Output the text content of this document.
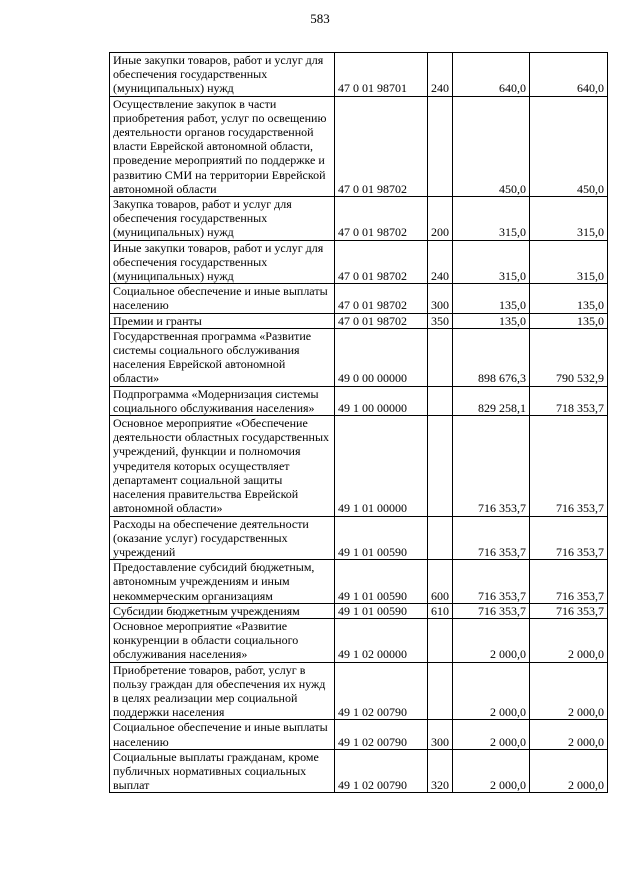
583
Иные закупки товаров, работ и услуг для обеспечения государственных (муниципальных) нужд	47 0 01 98701	240	640,0	640,0
Осуществление закупок в части приобретения работ, услуг по освещению деятельности органов государственной власти Еврейской автономной области, проведение мероприятий по поддержке и развитию СМИ на территории Еврейской автономной области	47 0 01 98702		450,0	450,0
Закупка товаров, работ и услуг для обеспечения государственных (муниципальных) нужд	47 0 01 98702	200	315,0	315,0
Иные закупки товаров, работ и услуг для обеспечения государственных (муниципальных) нужд	47 0 01 98702	240	315,0	315,0
Социальное обеспечение и иные выплаты населению	47 0 01 98702	300	135,0	135,0
Премии и гранты	47 0 01 98702	350	135,0	135,0
Государственная программа «Развитие системы социального обслуживания населения Еврейской автономной области»	49 0 00 00000		898 676,3	790 532,9
Подпрограмма «Модернизация системы социального обслуживания населения»	49 1 00 00000		829 258,1	718 353,7
Основное мероприятие «Обеспечение деятельности областных государственных учреждений, функции и полномочия учредителя которых осуществляет департамент социальной защиты населения правительства Еврейской автономной области»	49 1 01 00000		716 353,7	716 353,7
Расходы на обеспечение деятельности (оказание услуг) государственных учреждений	49 1 01 00590		716 353,7	716 353,7
Предоставление субсидий бюджетным, автономным учреждениям и иным некоммерческим организациям	49 1 01 00590	600	716 353,7	716 353,7
Субсидии бюджетным учреждениям	49 1 01 00590	610	716 353,7	716 353,7
Основное мероприятие «Развитие конкуренции в области социального обслуживания населения»	49 1 02 00000		2 000,0	2 000,0
Приобретение товаров, работ, услуг в пользу граждан для обеспечения их нужд в целях реализации мер социальной поддержки населения	49 1 02 00790		2 000,0	2 000,0
Социальное обеспечение и иные выплаты населению	49 1 02 00790	300	2 000,0	2 000,0
Социальные выплаты гражданам, кроме публичных нормативных социальных выплат	49 1 02 00790	320	2 000,0	2 000,0
